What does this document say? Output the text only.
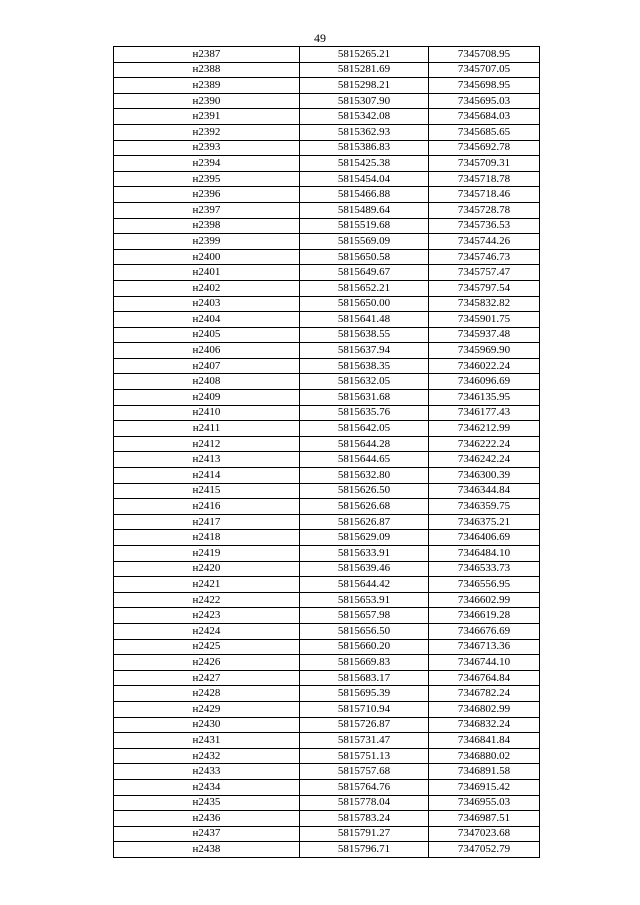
49
н2387	5815265.21	7345708.95
н2388	5815281.69	7345707.05
н2389	5815298.21	7345698.95
н2390	5815307.90	7345695.03
н2391	5815342.08	7345684.03
н2392	5815362.93	7345685.65
н2393	5815386.83	7345692.78
н2394	5815425.38	7345709.31
н2395	5815454.04	7345718.78
н2396	5815466.88	7345718.46
н2397	5815489.64	7345728.78
н2398	5815519.68	7345736.53
н2399	5815569.09	7345744.26
н2400	5815650.58	7345746.73
н2401	5815649.67	7345757.47
н2402	5815652.21	7345797.54
н2403	5815650.00	7345832.82
н2404	5815641.48	7345901.75
н2405	5815638.55	7345937.48
н2406	5815637.94	7345969.90
н2407	5815638.35	7346022.24
н2408	5815632.05	7346096.69
н2409	5815631.68	7346135.95
н2410	5815635.76	7346177.43
н2411	5815642.05	7346212.99
н2412	5815644.28	7346222.24
н2413	5815644.65	7346242.24
н2414	5815632.80	7346300.39
н2415	5815626.50	7346344.84
н2416	5815626.68	7346359.75
н2417	5815626.87	7346375.21
н2418	5815629.09	7346406.69
н2419	5815633.91	7346484.10
н2420	5815639.46	7346533.73
н2421	5815644.42	7346556.95
н2422	5815653.91	7346602.99
н2423	5815657.98	7346619.28
н2424	5815656.50	7346676.69
н2425	5815660.20	7346713.36
н2426	5815669.83	7346744.10
н2427	5815683.17	7346764.84
н2428	5815695.39	7346782.24
н2429	5815710.94	7346802.99
н2430	5815726.87	7346832.24
н2431	5815731.47	7346841.84
н2432	5815751.13	7346880.02
н2433	5815757.68	7346891.58
н2434	5815764.76	7346915.42
н2435	5815778.04	7346955.03
н2436	5815783.24	7346987.51
н2437	5815791.27	7347023.68
н2438	5815796.71	7347052.79
